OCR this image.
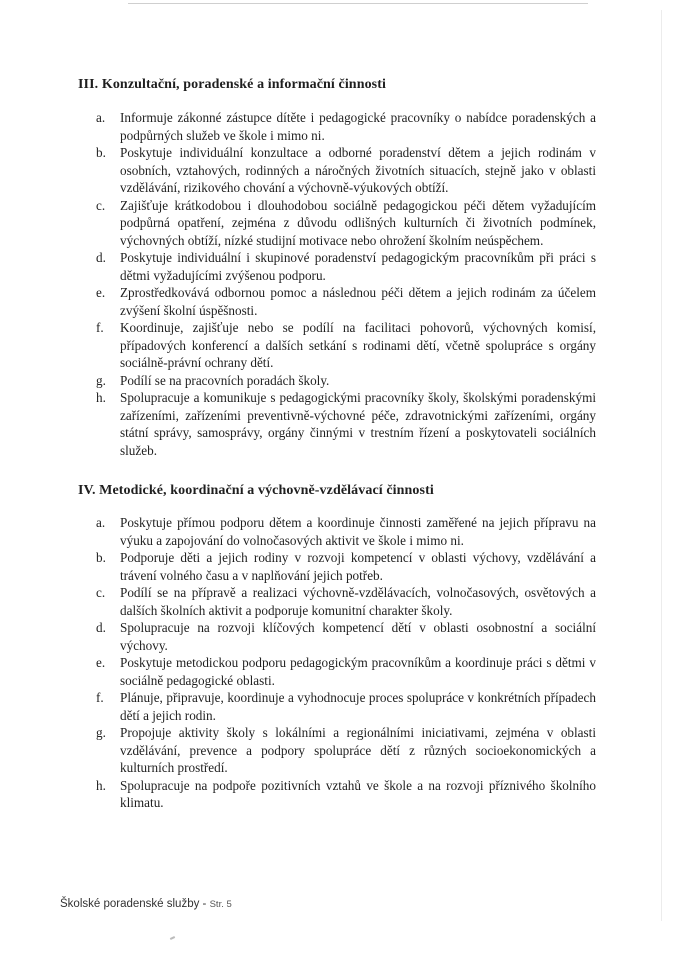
III. Konzultační, poradenské a informační činnosti
a. Informuje zákonné zástupce dítěte i pedagogické pracovníky o nabídce poradenských a podpůrných služeb ve škole i mimo ni.
b. Poskytuje individuální konzultace a odborné poradenství dětem a jejich rodinám v osobních, vztahových, rodinných a náročných životních situacích, stejně jako v oblasti vzdělávání, rizikového chování a výchovně-výukových obtíží.
c. Zajišťuje krátkodobou i dlouhodobou sociálně pedagogickou péči dětem vyžadujícím podpůrná opatření, zejména z důvodu odlišných kulturních či životních podmínek, výchovných obtíží, nízké studijní motivace nebo ohrožení školním neúspěchem.
d. Poskytuje individuální i skupinové poradenství pedagogickým pracovníkům při práci s dětmi vyžadujícími zvýšenou podporu.
e. Zprostředkovává odbornou pomoc a následnou péči dětem a jejich rodinám za účelem zvýšení školní úspěšnosti.
f. Koordinuje, zajišťuje nebo se podílí na facilitaci pohovorů, výchovných komisí, případových konferencí a dalších setkání s rodinami dětí, včetně spolupráce s orgány sociálně-právní ochrany dětí.
g. Podílí se na pracovních poradách školy.
h. Spolupracuje a komunikuje s pedagogickými pracovníky školy, školskými poradenskými zařízeními, zařízeními preventivně-výchovné péče, zdravotnickými zařízeními, orgány státní správy, samosprávy, orgány činnými v trestním řízení a poskytovateli sociálních služeb.
IV. Metodické, koordinační a výchovně-vzdělávací činnosti
a. Poskytuje přímou podporu dětem a koordinuje činnosti zaměřené na jejich přípravu na výuku a zapojování do volnočasových aktivit ve škole i mimo ni.
b. Podporuje děti a jejich rodiny v rozvoji kompetencí v oblasti výchovy, vzdělávání a trávení volného času a v naplňování jejich potřeb.
c. Podílí se na přípravě a realizaci výchovně-vzdělávacích, volnočasových, osvětových a dalších školních aktivit a podporuje komunitní charakter školy.
d. Spolupracuje na rozvoji klíčových kompetencí dětí v oblasti osobnostní a sociální výchovy.
e. Poskytuje metodickou podporu pedagogickým pracovníkům a koordinuje práci s dětmi v sociálně pedagogické oblasti.
f. Plánuje, připravuje, koordinuje a vyhodnocuje proces spolupráce v konkrétních případech dětí a jejich rodin.
g. Propojuje aktivity školy s lokálními a regionálními iniciativami, zejména v oblasti vzdělávání, prevence a podpory spolupráce dětí z různých socioekonomických a kulturních prostředí.
h. Spolupracuje na podpoře pozitivních vztahů ve škole a na rozvoji příznivého školního klimatu.
Školské poradenské služby - Str. 5
